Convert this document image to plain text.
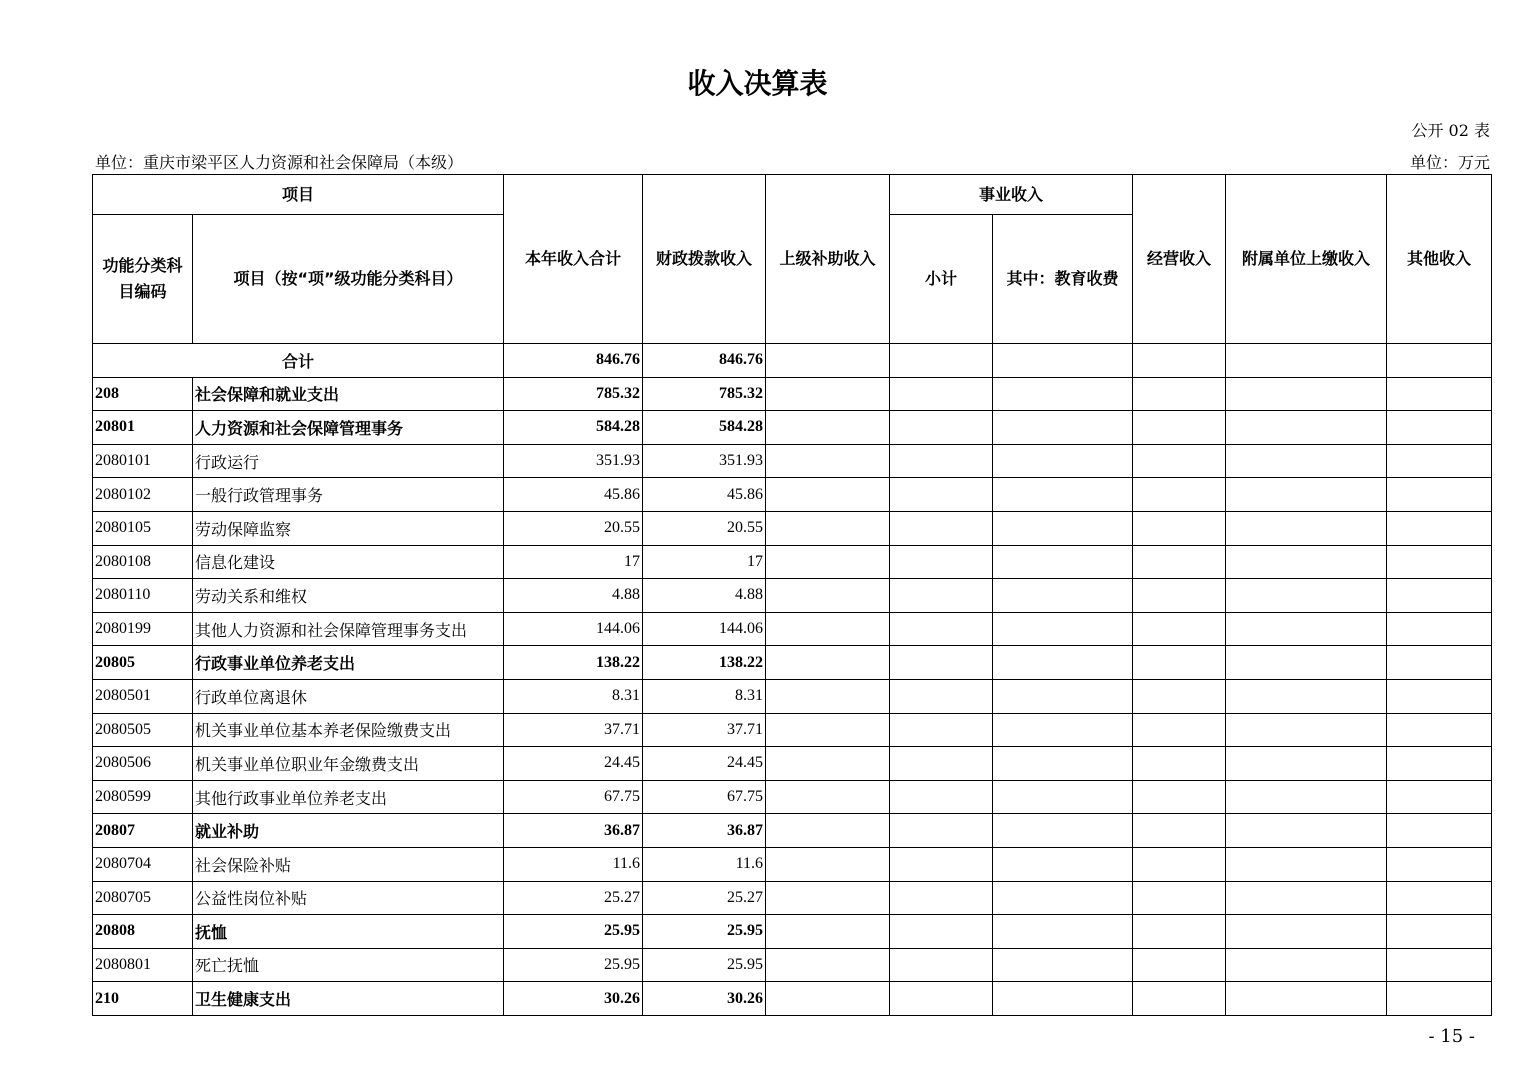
收入决算表
公开 02 表
单位：重庆市梁平区人力资源和社会保障局（本级）	单位：万元
项目		本年收入合计	财政拨款收入	上级补助收入	事业收入		经营收入	附属单位上缴收入	其他收入
功能分类科目编码	项目（按“项”级功能分类科目）				小计	其中：教育收费			
合计		846.76	846.76						
208	社会保障和就业支出	785.32	785.32						
20801	人力资源和社会保障管理事务	584.28	584.28						
2080101	行政运行	351.93	351.93						
2080102	一般行政管理事务	45.86	45.86						
2080105	劳动保障监察	20.55	20.55						
2080108	信息化建设	17	17						
2080110	劳动关系和维权	4.88	4.88						
2080199	其他人力资源和社会保障管理事务支出	144.06	144.06						
20805	行政事业单位养老支出	138.22	138.22						
2080501	行政单位离退休	8.31	8.31						
2080505	机关事业单位基本养老保险缴费支出	37.71	37.71						
2080506	机关事业单位职业年金缴费支出	24.45	24.45						
2080599	其他行政事业单位养老支出	67.75	67.75						
20807	就业补助	36.87	36.87						
2080704	社会保险补贴	11.6	11.6						
2080705	公益性岗位补贴	25.27	25.27						
20808	抚恤	25.95	25.95						
2080801	死亡抚恤	25.95	25.95						
210	卫生健康支出	30.26	30.26						
- 15 -
